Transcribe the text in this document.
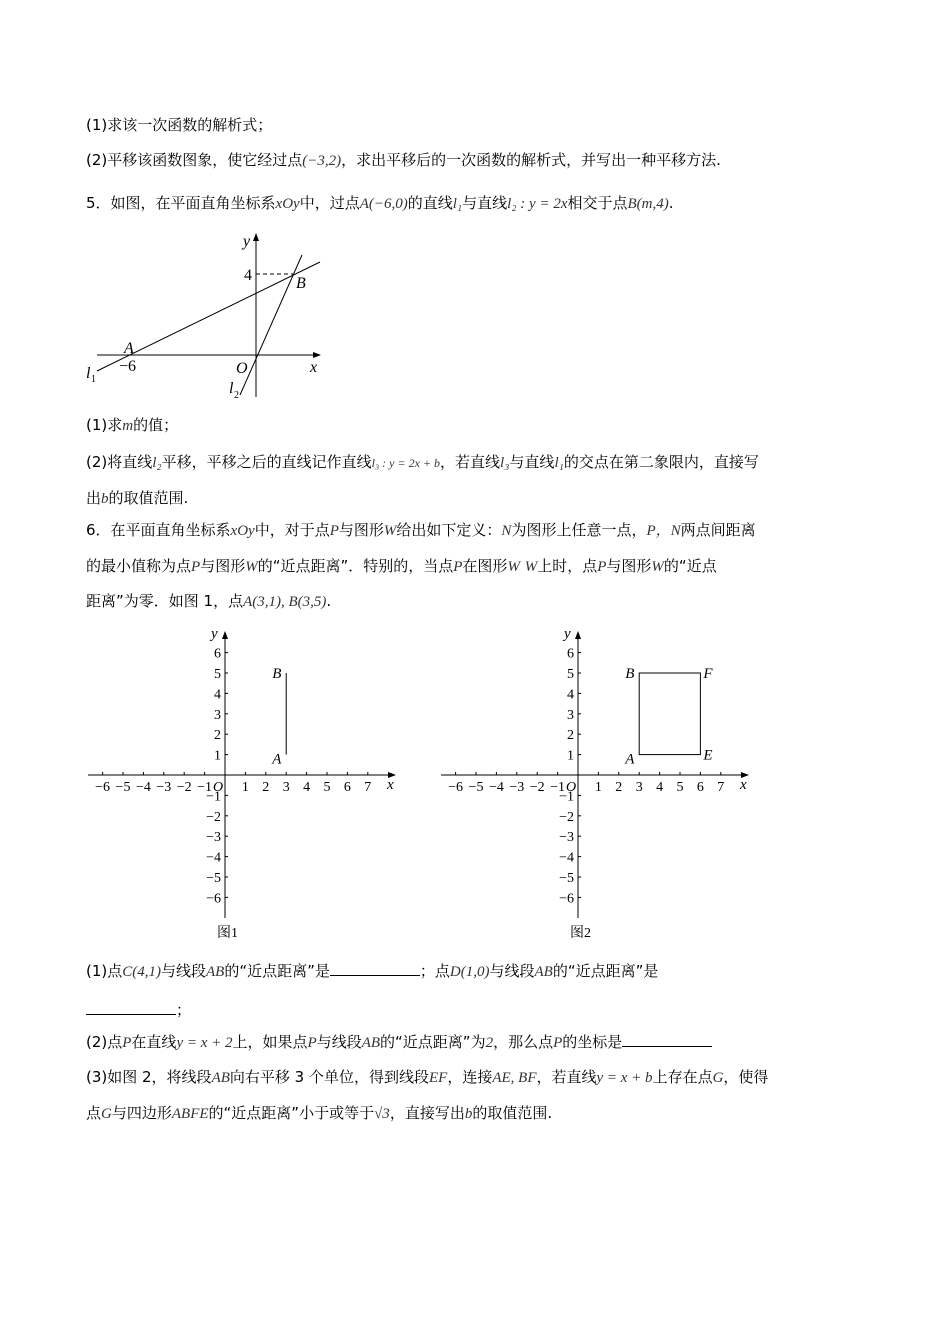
(1)求该一次函数的解析式；
(2)平移该函数图象，使它经过点(−3,2)，求出平移后的一次函数的解析式，并写出一种平移方法.
5．如图，在平面直角坐标系xOy中，过点A(−6,0)的直线l₁与直线l₂ : y = 2x相交于点B(m,4).
y
x
4	B
A
−6	O
l 1
l 2
(1)求m的值；
(2)将直线l₂平移，平移之后的直线记作直线l₃ : y = 2x + b，若直线l₃与直线l₁的交点在第二象限内，直接写
出b的取值范围.
6．在平面直角坐标系xOy中，对于点P与图形W给出如下定义：N为图形上任意一点，P，N两点间距离
的最小值称为点P与图形W的“近点距离”．特别的，当点P在图形W W上时，点P与图形W的“近点
距离”为零．如图 1，点A(3,1), B(3,5).
−6 −5 −4 −3 −2 −1 1 2 3 4 5 6 7
6
5
4
3
2
1
−1
−2
−3
−4
−5
−6
O	x
y
图1
A
B
−6 −5 −4 −3 −2 −1 1 2 3 4 5 6 7
6
5
4
3
2
1
−1
−2
−3
−4
−5
−6
O	x
y
图2
E
F
A
B
(1)点C(4,1)与线段AB的“近点距离”是	；点D(1,0)与线段AB的“近点距离”是
；
(2)点P在直线y = x + 2上，如果点P与线段AB的“近点距离”为2，那么点P的坐标是
(3)如图 2，将线段AB向右平移 3 个单位，得到线段EF，连接AE, BF，若直线y = x + b上存在点G，使得
点G与四边形ABFE的“近点距离”小于或等于√3，直接写出b的取值范围.
